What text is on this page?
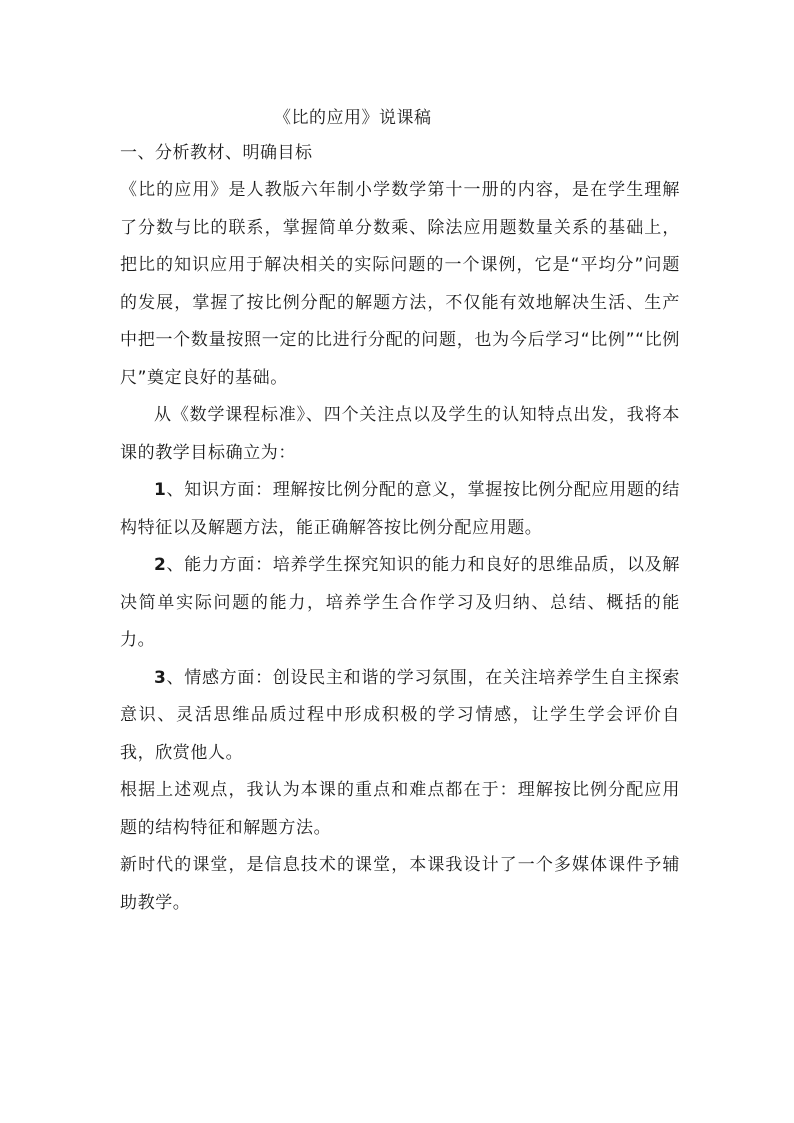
《比的应用》说课稿

一、分析教材、明确目标

《比的应用》是人教版六年制小学数学第十一册的内容，是在学生理解了分数与比的联系，掌握简单分数乘、除法应用题数量关系的基础上，把比的知识应用于解决相关的实际问题的一个课例，它是“平均分”问题的发展，掌握了按比例分配的解题方法，不仅能有效地解决生活、生产中把一个数量按照一定的比进行分配的问题，也为今后学习“比例”“比例尺”奠定良好的基础。

从《数学课程标准》、四个关注点以及学生的认知特点出发，我将本课的教学目标确立为：

1、知识方面：理解按比例分配的意义，掌握按比例分配应用题的结构特征以及解题方法，能正确解答按比例分配应用题。

2、能力方面：培养学生探究知识的能力和良好的思维品质，以及解决简单实际问题的能力，培养学生合作学习及归纳、总结、概括的能力。

3、情感方面：创设民主和谐的学习氛围，在关注培养学生自主探索意识、灵活思维品质过程中形成积极的学习情感，让学生学会评价自我，欣赏他人。

根据上述观点，我认为本课的重点和难点都在于：理解按比例分配应用题的结构特征和解题方法。

新时代的课堂，是信息技术的课堂，本课我设计了一个多媒体课件予辅助教学。
